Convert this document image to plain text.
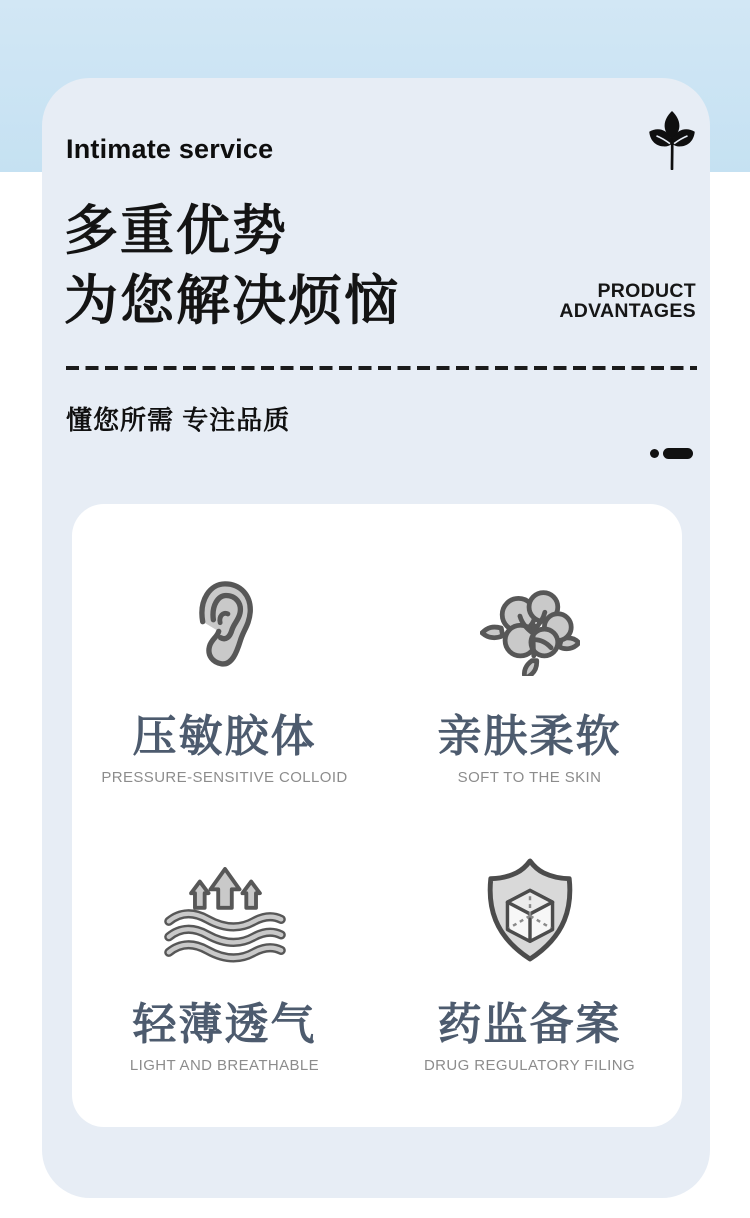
Intimate service
多重优势
为您解决烦恼	PRODUCT
ADVANTAGES
懂您所需 专注品质
压敏胶体
PRESSURE-SENSITIVE COLLOID
亲肤柔软
SOFT TO THE SKIN
轻薄透气
LIGHT AND BREATHABLE
药监备案
DRUG REGULATORY FILING
